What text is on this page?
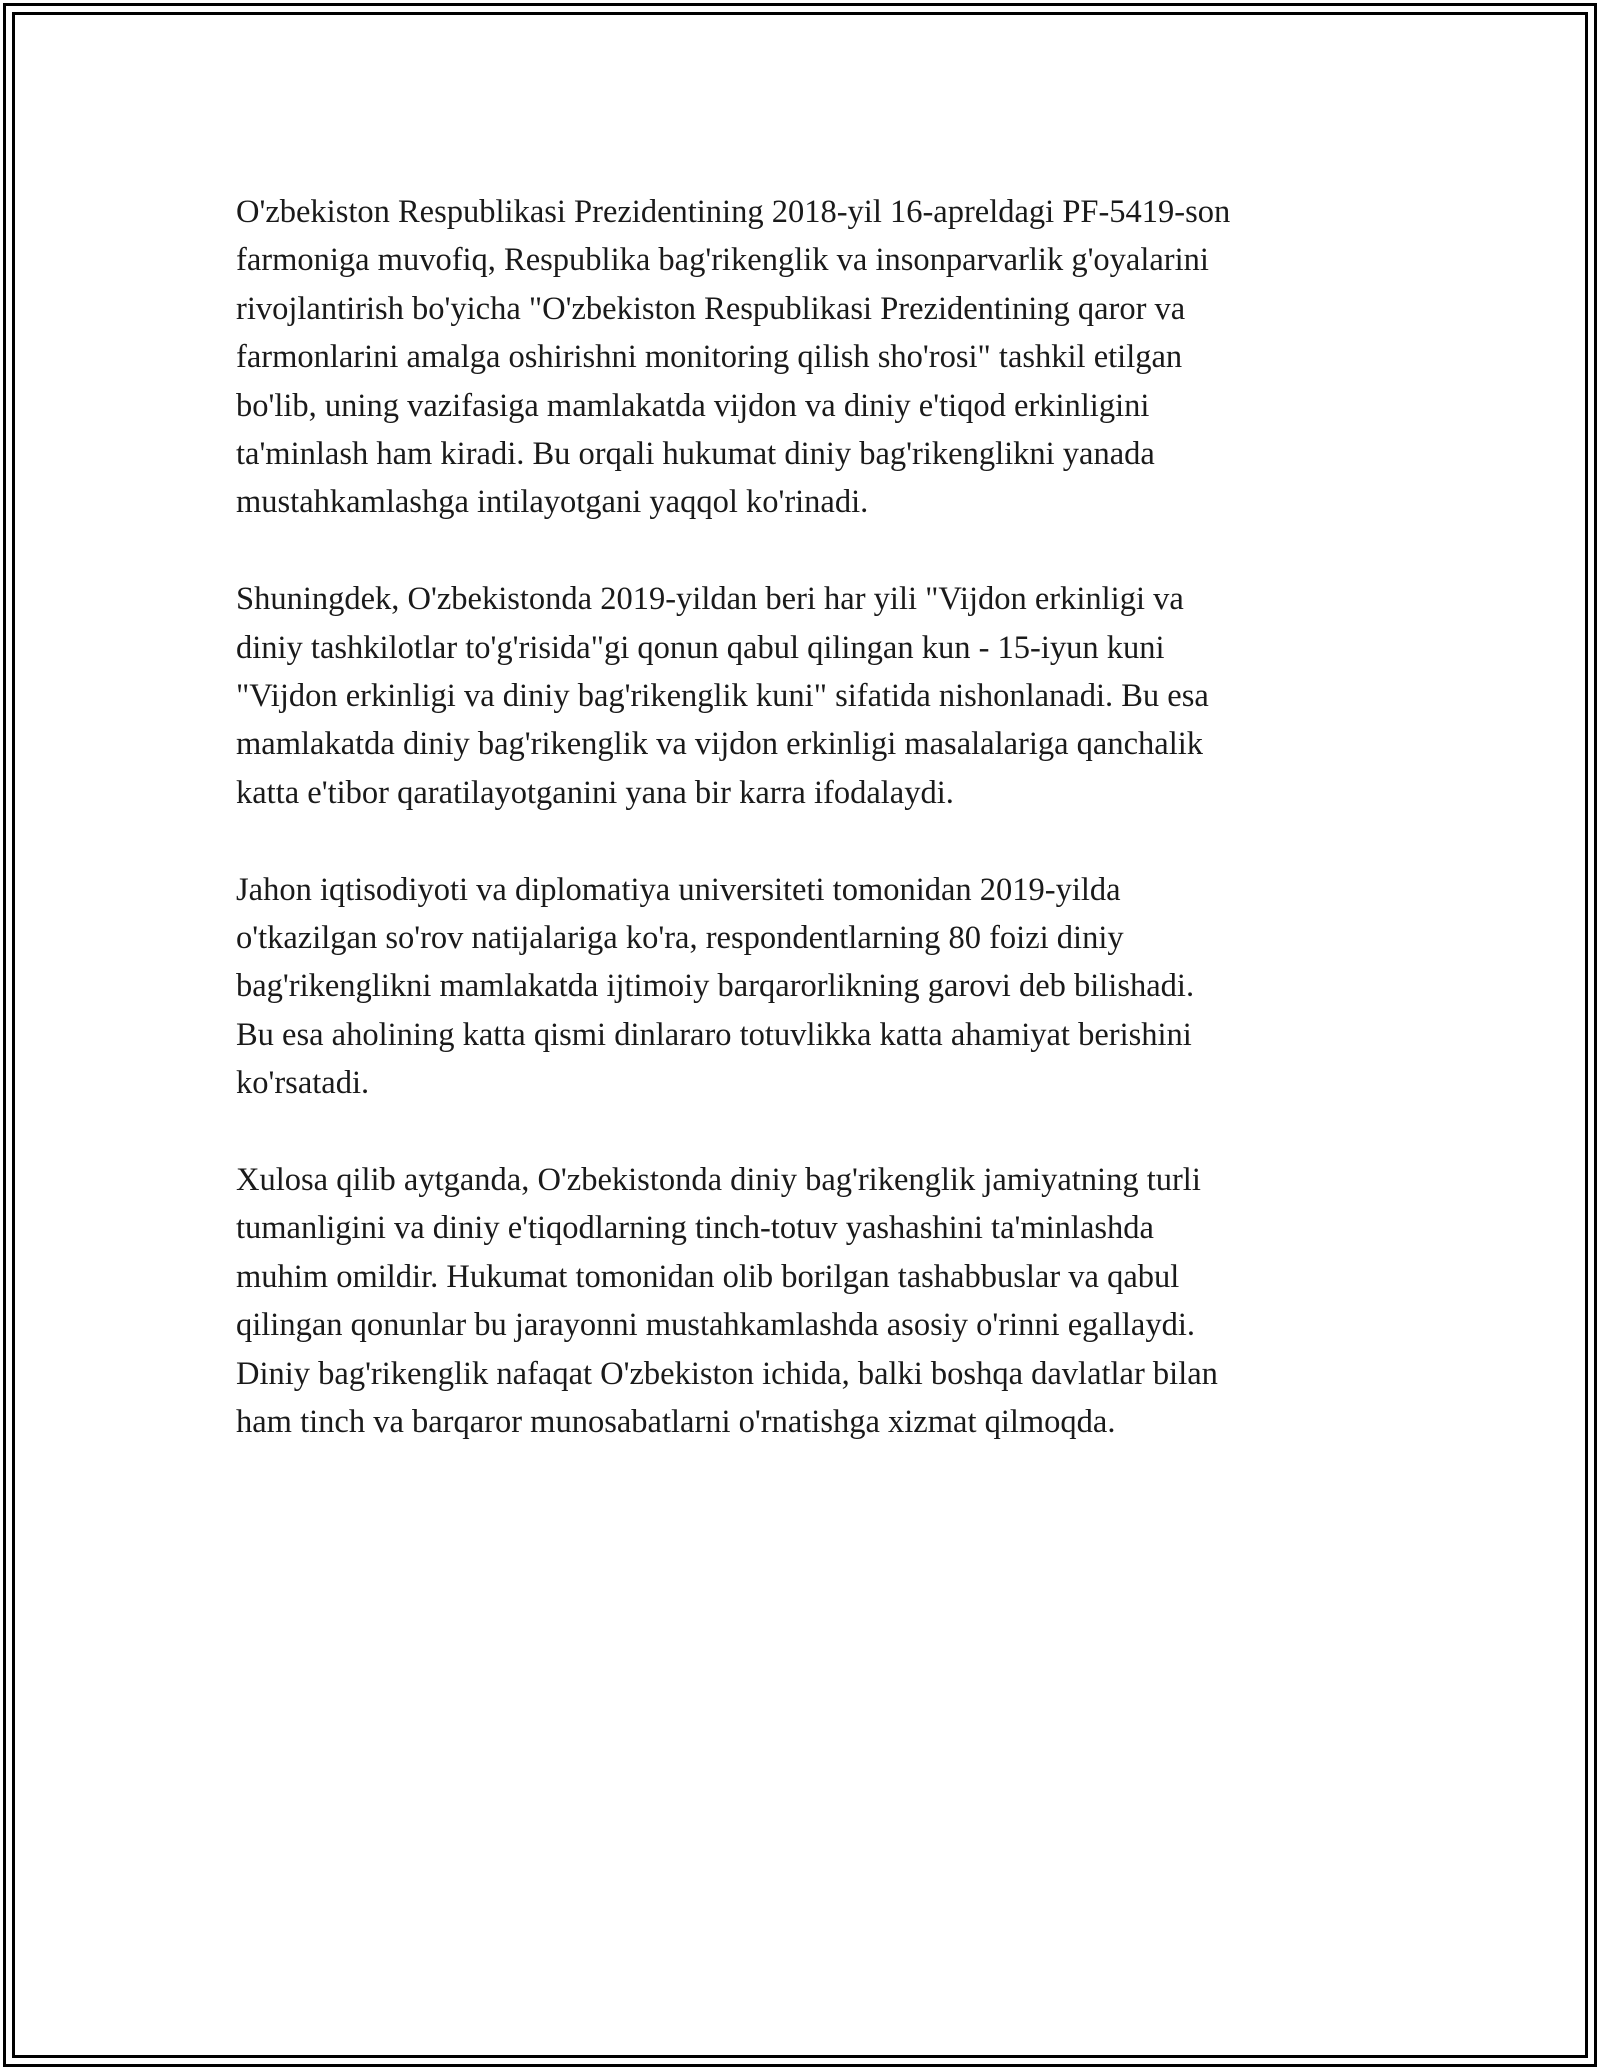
O'zbekiston Respublikasi Prezidentining 2018-yil 16-apreldagi PF-5419-son
farmoniga muvofiq, Respublika bag'rikenglik va insonparvarlik g'oyalarini
rivojlantirish bo'yicha "O'zbekiston Respublikasi Prezidentining qaror va
farmonlarini amalga oshirishni monitoring qilish sho'rosi" tashkil etilgan
bo'lib, uning vazifasiga mamlakatda vijdon va diniy e'tiqod erkinligini
ta'minlash ham kiradi. Bu orqali hukumat diniy bag'rikenglikni yanada
mustahkamlashga intilayotgani yaqqol ko'rinadi.

Shuningdek, O'zbekistonda 2019-yildan beri har yili "Vijdon erkinligi va
diniy tashkilotlar to'g'risida"gi qonun qabul qilingan kun - 15-iyun kuni
"Vijdon erkinligi va diniy bag'rikenglik kuni" sifatida nishonlanadi. Bu esa
mamlakatda diniy bag'rikenglik va vijdon erkinligi masalalariga qanchalik
katta e'tibor qaratilayotganini yana bir karra ifodalaydi.

Jahon iqtisodiyoti va diplomatiya universiteti tomonidan 2019-yilda
o'tkazilgan so'rov natijalariga ko'ra, respondentlarning 80 foizi diniy
bag'rikenglikni mamlakatda ijtimoiy barqarorlikning garovi deb bilishadi.
Bu esa aholining katta qismi dinlararo totuvlikka katta ahamiyat berishini
ko'rsatadi.

Xulosa qilib aytganda, O'zbekistonda diniy bag'rikenglik jamiyatning turli
tumanligini va diniy e'tiqodlarning tinch-totuv yashashini ta'minlashda
muhim omildir. Hukumat tomonidan olib borilgan tashabbuslar va qabul
qilingan qonunlar bu jarayonni mustahkamlashda asosiy o'rinni egallaydi.
Diniy bag'rikenglik nafaqat O'zbekiston ichida, balki boshqa davlatlar bilan
ham tinch va barqaror munosabatlarni o'rnatishga xizmat qilmoqda.
